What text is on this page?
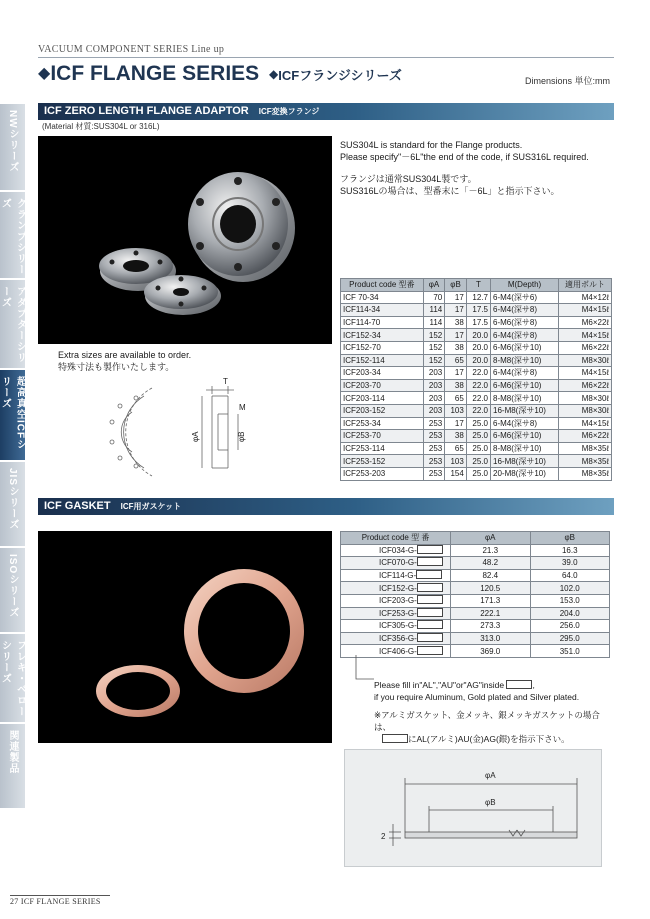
VACUUM COMPONENT SERIES Line up
◆ICF FLANGE SERIES ◆ICFフランジシリーズ	Dimensions 単位:mm
NWシリーズ
クランプシリーズ
アダプターシリーズ
超高真空ICFシリーズ
JISシリーズ
ISOシリーズ
フレキ・ベローシリーズ
関連製品
ICF ZERO LENGTH FLANGE ADAPTOR ICF変換フランジ
(Material 材質:SUS304L or 316L)
SUS304L is standard for the Flange products.
Please specify"－6L"the end of the code, if SUS316L required.
フランジは通常SUS304L製です。
SUS316Lの場合は、型番末に「－6L」と指示下さい。
Extra sizes are available to order.
特殊寸法も製作いたします。
T
M
φA	φB
Product code 型番	φA	φB	T	M(Depth)	適用ボルト
ICF 70-34	70	17	12.7	6-M4(深サ6)	M4×12ℓ
ICF114-34	114	17	17.5	6-M4(深サ8)	M4×15ℓ
ICF114-70	114	38	17.5	6-M6(深サ8)	M6×22ℓ
ICF152-34	152	17	20.0	6-M4(深サ8)	M4×15ℓ
ICF152-70	152	38	20.0	6-M6(深サ10)	M6×22ℓ
ICF152-114	152	65	20.0	8-M8(深サ10)	M8×30ℓ
ICF203-34	203	17	22.0	6-M4(深サ8)	M4×15ℓ
ICF203-70	203	38	22.0	6-M6(深サ10)	M6×22ℓ
ICF203-114	203	65	22.0	8-M8(深サ10)	M8×30ℓ
ICF203-152	203	103	22.0	16-M8(深サ10)	M8×30ℓ
ICF253-34	253	17	25.0	6-M4(深サ8)	M4×15ℓ
ICF253-70	253	38	25.0	6-M6(深サ10)	M6×22ℓ
ICF253-114	253	65	25.0	8-M8(深サ10)	M8×35ℓ
ICF253-152	253	103	25.0	16-M8(深サ10)	M8×35ℓ
ICF253-203	253	154	25.0	20-M8(深サ10)	M8×35ℓ
ICF GASKET ICF用ガスケット
Product code 型 番	φA	φB
ICF034-G-	21.3	16.3
ICF070-G-	48.2	39.0
ICF114-G-	82.4	64.0
ICF152-G-	120.5	102.0
ICF203-G-	171.3	153.0
ICF253-G-	222.1	204.0
ICF305-G-	273.3	256.0
ICF356-G-	313.0	295.0
ICF406-G-	369.0	351.0
Please fill in"AL","AU"or"AG"inside	,
if you require Aluminum, Gold plated and Silver plated.
※アルミガスケット、金メッキ、銀メッキガスケットの場合は、
にAL(アルミ)AU(金)AG(銀)を指示下さい。
φA
φB
2
27 ICF FLANGE SERIES
